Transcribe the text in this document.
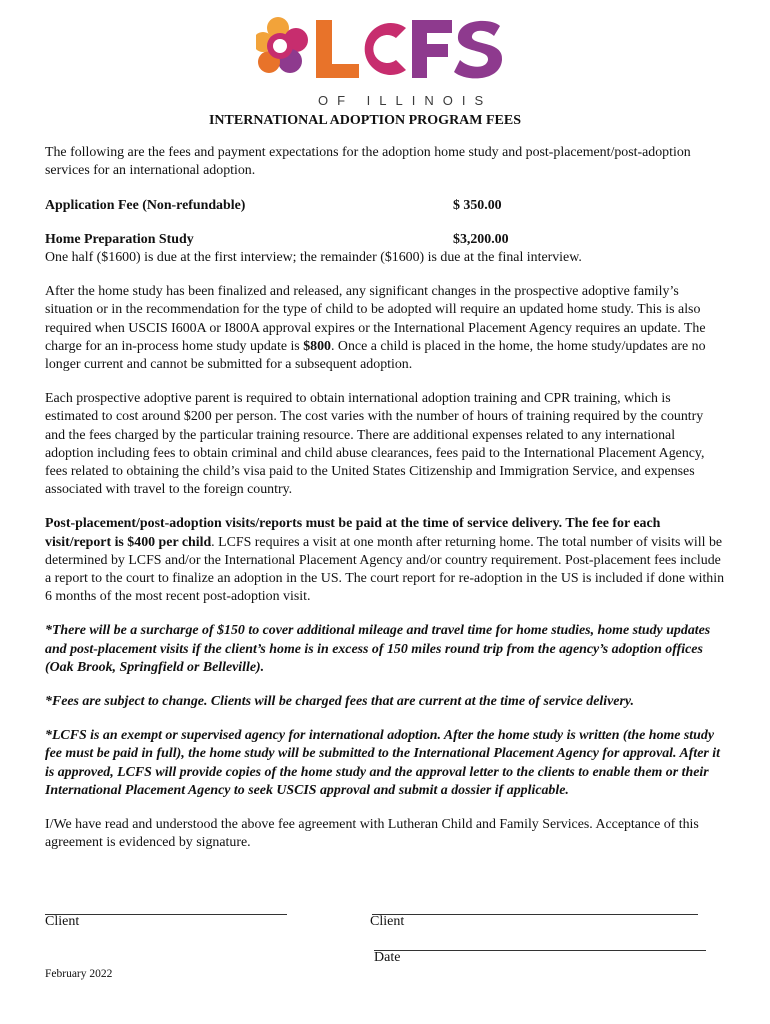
OF ILLINOIS

INTERNATIONAL ADOPTION PROGRAM FEES

The following are the fees and payment expectations for the adoption home study and post-placement/post-adoption services for an international adoption.

Application Fee (Non-refundable)	$ 350.00
Home Preparation Study	$3,200.00

One half ($1600) is due at the first interview; the remainder ($1600) is due at the final interview.

After the home study has been finalized and released, any significant changes in the prospective adoptive family’s situation or in the recommendation for the type of child to be adopted will require an updated home study. This is also required when USCIS I600A or I800A approval expires or the International Placement Agency requires an update. The charge for an in-process home study update is $800. Once a child is placed in the home, the home study/updates are no longer current and cannot be submitted for a subsequent adoption.

Each prospective adoptive parent is required to obtain international adoption training and CPR training, which is estimated to cost around $200 per person. The cost varies with the number of hours of training required by the country and the fees charged by the particular training resource. There are additional expenses related to any international adoption including fees to obtain criminal and child abuse clearances, fees paid to the International Placement Agency, fees related to obtaining the child’s visa paid to the United States Citizenship and Immigration Service, and expenses associated with travel to the foreign country.

Post-placement/post-adoption visits/reports must be paid at the time of service delivery. The fee for each visit/report is $400 per child. LCFS requires a visit at one month after returning home. The total number of visits will be determined by LCFS and/or the International Placement Agency and/or country requirement. Post-placement fees include a report to the court to finalize an adoption in the US. The court report for re-adoption in the US is included if done within 6 months of the most recent post-adoption visit.

*There will be a surcharge of $150 to cover additional mileage and travel time for home studies, home study updates and post-placement visits if the client’s home is in excess of 150 miles round trip from the agency’s adoption offices (Oak Brook, Springfield or Belleville).

*Fees are subject to change. Clients will be charged fees that are current at the time of service delivery.

*LCFS is an exempt or supervised agency for international adoption. After the home study is written (the home study fee must be paid in full), the home study will be submitted to the International Placement Agency for approval. After it is approved, LCFS will provide copies of the home study and the approval letter to the clients to enable them or their International Placement Agency to seek USCIS approval and submit a dossier if applicable.

I/We have read and understood the above fee agreement with Lutheran Child and Family Services. Acceptance of this agreement is evidenced by signature.

Client	Client
Date
February 2022
